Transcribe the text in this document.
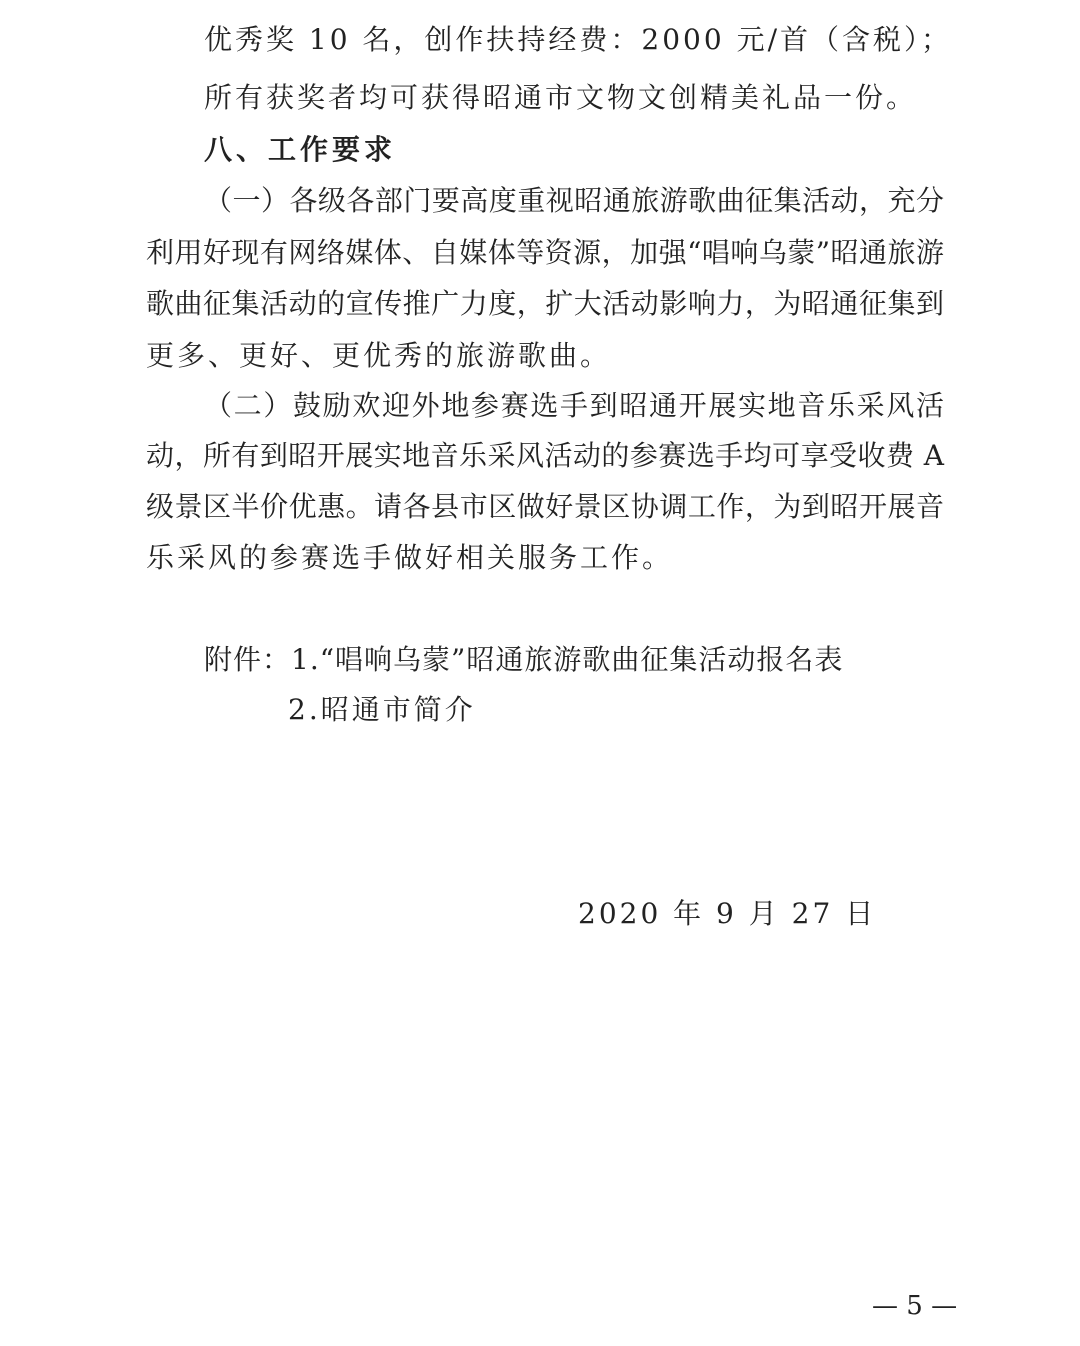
优秀奖 10 名，创作扶持经费：2000 元/首（含税）；
所有获奖者均可获得昭通市文物文创精美礼品一份。
八、工作要求
（一）各级各部门要高度重视昭通旅游歌曲征集活动，充分
利用好现有网络媒体、自媒体等资源，加强“唱响乌蒙”昭通旅游
歌曲征集活动的宣传推广力度，扩大活动影响力，为昭通征集到
更多、更好、更优秀的旅游歌曲。
（二）鼓励欢迎外地参赛选手到昭通开展实地音乐采风活
动，所有到昭开展实地音乐采风活动的参赛选手均可享受收费 A
级景区半价优惠。请各县市区做好景区协调工作，为到昭开展音
乐采风的参赛选手做好相关服务工作。
附件：1.“唱响乌蒙”昭通旅游歌曲征集活动报名表
2.昭通市简介
2020 年 9 月 27 日
— 5 —
